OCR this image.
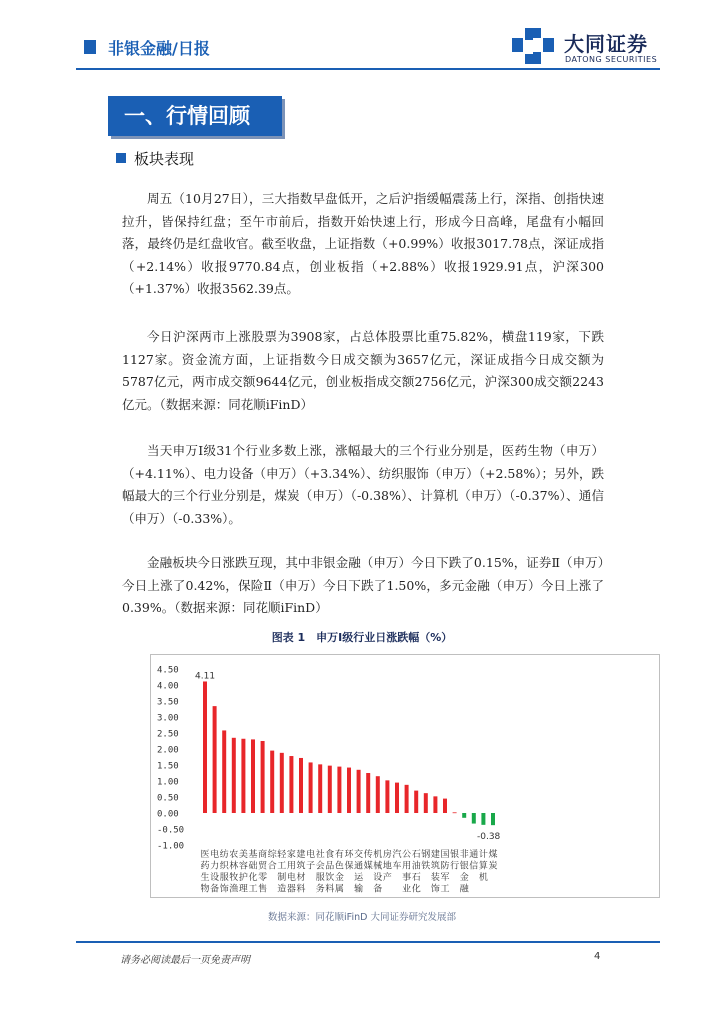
非银金融/日报	大同证券
DATONG SECURITIES
一、行情回顾
板块表现

周五（10月27日），三大指数早盘低开，之后沪指缓幅震荡上行，深指、创指快速拉升，皆保持红盘；至午市前后，指数开始快速上行，形成今日高峰，尾盘有小幅回落，最终仍是红盘收官。截至收盘，上证指数（+0.99%）收报3017.78点，深证成指（+2.14%）收报9770.84点，创业板指（+2.88%）收报1929.91点，沪深300（+1.37%）收报3562.39点。

今日沪深两市上涨股票为3908家，占总体股票比重75.82%，横盘119家，下跌1127家。资金流方面，上证指数今日成交额为3657亿元，深证成指今日成交额为5787亿元，两市成交额9644亿元，创业板指成交额2756亿元，沪深300成交额2243亿元。（数据来源：同花顺iFinD）

当天申万Ⅰ级31个行业多数上涨，涨幅最大的三个行业分别是，医药生物（申万）（+4.11%）、电力设备（申万）（+3.34%）、纺织服饰（申万）（+2.58%）；另外，跌幅最大的三个行业分别是，煤炭（申万）（-0.38%）、计算机（申万）（-0.37%）、通信（申万）（-0.33%）。

金融板块今日涨跌互现，其中非银金融（申万）今日下跌了0.15%，证券Ⅱ（申万）今日上涨了0.42%，保险Ⅱ（申万）今日下跌了1.50%，多元金融（申万）今日上涨了0.39%。（数据来源：同花顺iFinD）

图表 1　申万Ⅰ级行业日涨跌幅（%）
4.50
4.00
3.50
3.00
2.50
2.00
1.50
1.00
0.50
0.00
-0.50
-1.00
4.11
-0.38
医药生物
电力设备
纺织服饰
农林牧渔
美容护理
基础化工
商贸零售
综合
轻工制造
家用电器
建筑材料
电子
社会服务
食品饮料
有色金属
环保
交通运输
传媒
机械设备
房地产
汽车
公用事业
石油石化
钢铁
建筑装饰
国防军工
银行
非银金融
通信
计算机
煤炭
数据来源：同花顺iFinD 大同证券研究发展部
请务必阅读最后一页免责声明	4
